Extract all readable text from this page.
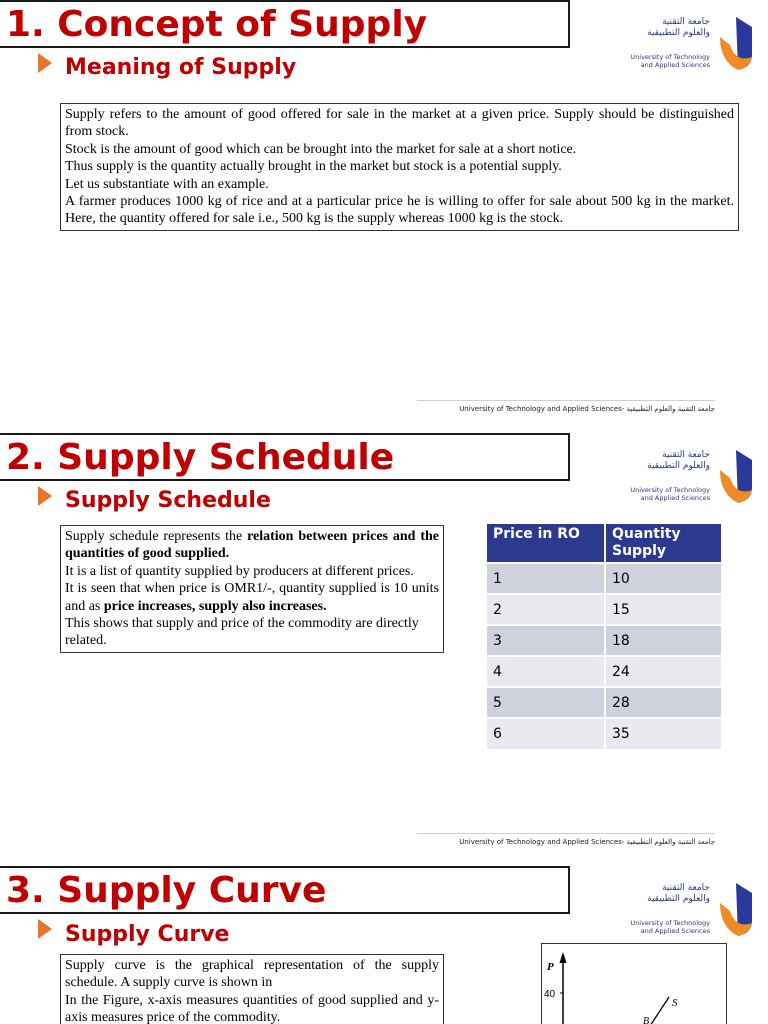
1. Concept of Supply
Meaning of Supply
جامعة التقنية
والعلوم التطبيقية
University of Technology
and Applied Sciences

Supply refers to the amount of good offered for sale in the market at a given price. Supply should be distinguished from stock.

Stock is the amount of good which can be brought into the market for sale at a short notice.

Thus supply is the quantity actually brought in the market but stock is a potential supply.

Let us substantiate with an example.

A farmer produces 1000 kg of rice and at a particular price he is willing to offer for sale about 500 kg in the market. Here, the quantity offered for sale i.e., 500 kg is the supply whereas 1000 kg is the stock.

University of Technology and Applied Sciences- جامعة التقنية والعلوم التطبيقية
2. Supply Schedule
Supply Schedule
جامعة التقنية
والعلوم التطبيقية
University of Technology
and Applied Sciences

Supply schedule represents the relation between prices and the quantities of good supplied.

It is a list of quantity supplied by producers at different prices.

It is seen that when price is OMR1/-, quantity supplied is 10 units and as price increases, supply also increases.

This shows that supply and price of the commodity are directly related.

Price in RO	Quantity Supply
1	10
2	15
3	18
4	24
5	28
6	35
University of Technology and Applied Sciences- جامعة التقنية والعلوم التطبيقية
3. Supply Curve
Supply Curve
جامعة التقنية
والعلوم التطبيقية
University of Technology
and Applied Sciences

Supply curve is the graphical representation of the supply schedule. A supply curve is shown in

In the Figure, x-axis measures quantities of good supplied and y-axis measures price of the commodity.

P
40
S
B
